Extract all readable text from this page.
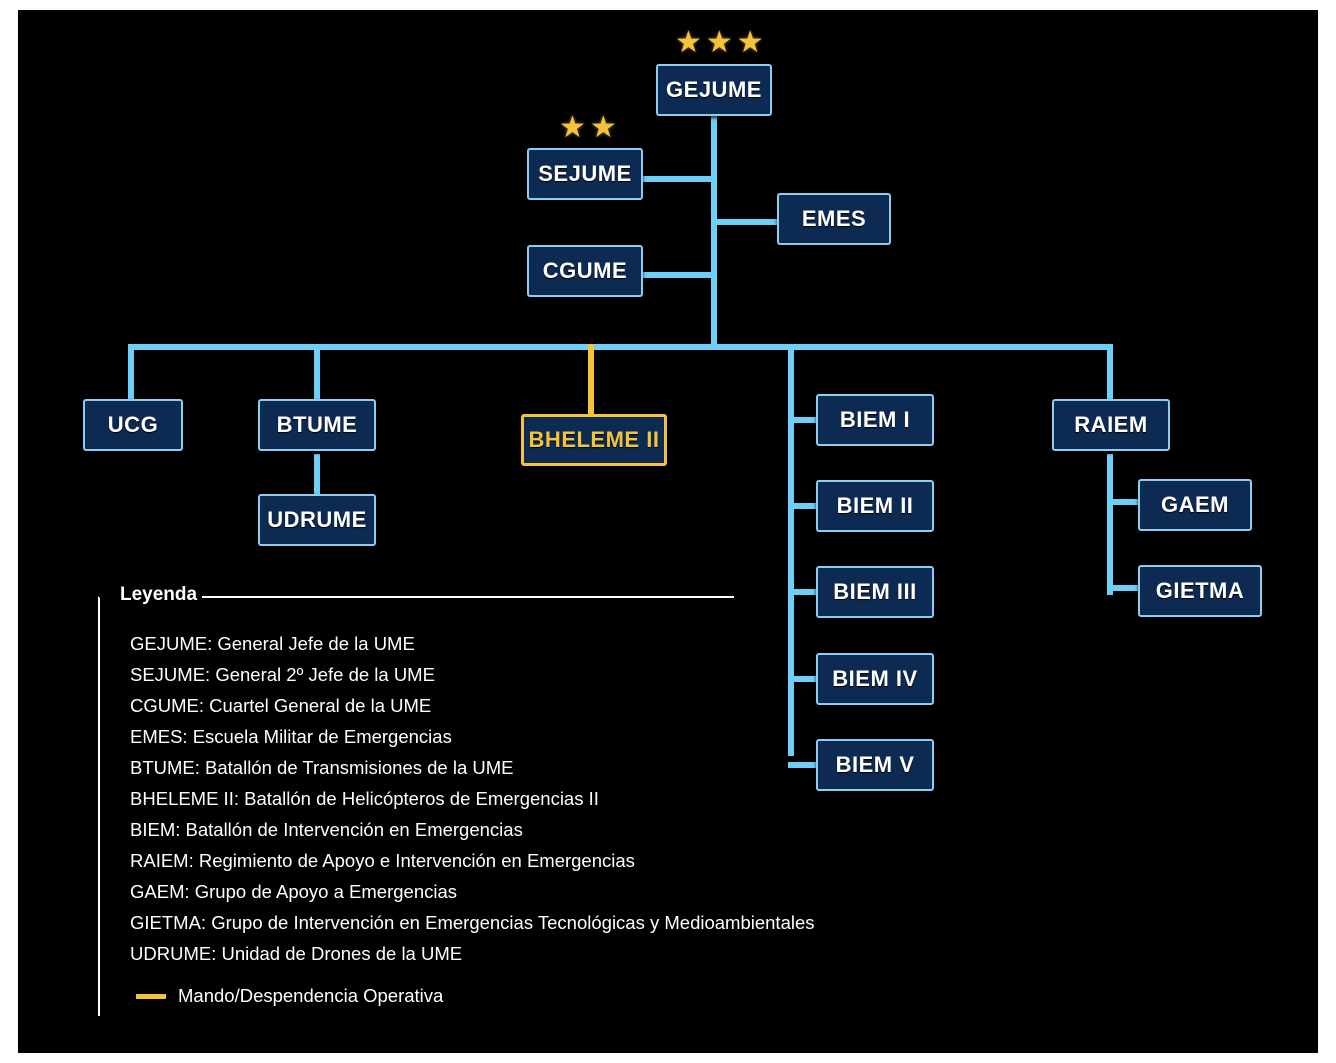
★★★
GEJUME
★★
SEJUME
EMES
CGUME
UCG	BTUME
UDRUME
BHELEME II
BIEM I
BIEM II
BIEM III
BIEM IV
BIEM V
RAIEM
GAEM
GIETMA
Leyenda
GEJUME: General Jefe de la UME
SEJUME: General 2º Jefe de la UME
CGUME: Cuartel General de la UME
EMES: Escuela Militar de Emergencias
BTUME: Batallón de Transmisiones de la UME
BHELEME II: Batallón de Helicópteros de Emergencias II
BIEM: Batallón de Intervención en Emergencias
RAIEM: Regimiento de Apoyo e Intervención en Emergencias
GAEM: Grupo de Apoyo a Emergencias
GIETMA: Grupo de Intervención en Emergencias Tecnológicas y Medioambientales
UDRUME: Unidad de Drones de la UME
Mando/Despendencia Operativa
